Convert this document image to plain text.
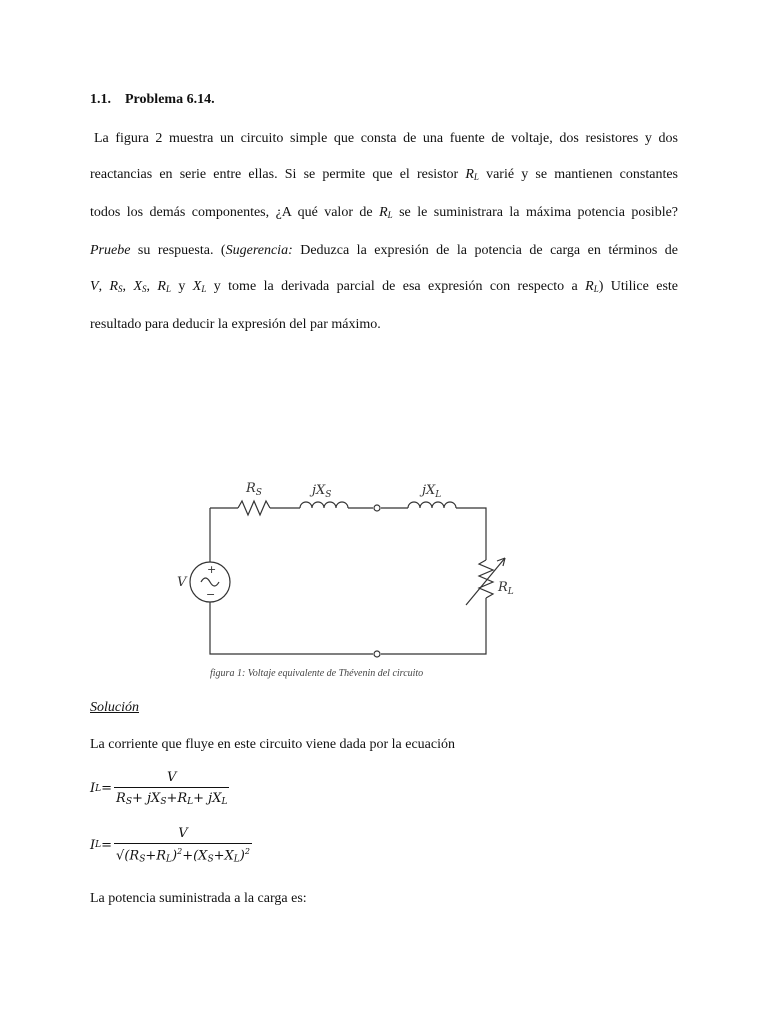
1.1. Problema 6.14.
La figura 2 muestra un circuito simple que consta de una fuente de voltaje, dos resistores y dos
reactancias en serie entre ellas. Si se permite que el resistor $R_L$ varié y se mantienen constantes
todos los demás componentes, ¿A qué valor de $R_L$ se le suministrara la máxima potencia posible?
Pruebe su respuesta. (Sugerencia: Deduzca la expresión de la potencia de carga en términos de
V, $R_S$, $X_S$, $R_L$ y $X_L$ y tome la derivada parcial de esa expresión con respecto a $R_L$) Utilice este
resultado para deducir la expresión del par máximo.
+
−
$R_S$	$jX_S$	$jX_L$
V	$R_L$
figura 1: Voltaje equivalente de Thévenin del circuito
Solución
La corriente que fluye en este circuito viene dada por la ecuación
I $L = \frac{V}{R_S+ jX_S+R_L+ jX_L}$
I $L = \frac{V}{√(R_S+R_L)^2+(X_S+X_L)^2}$
La potencia suministrada a la carga es:
